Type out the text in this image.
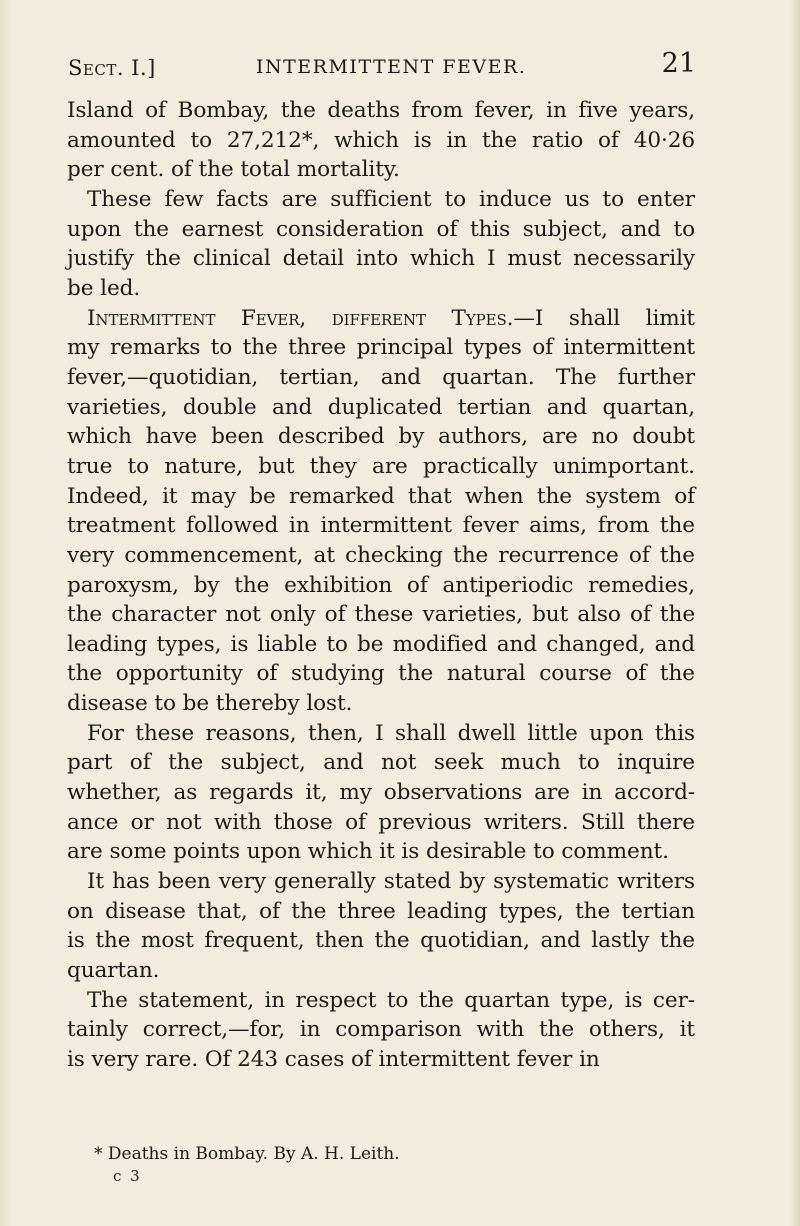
Sect. I.]	INTERMITTENT FEVER.	21

Island of Bombay, the deaths from fever, in five years,
amounted to 27,212*, which is in the ratio of 40·26
per cent. of the total mortality.

These few facts are sufficient to induce us to enter
upon the earnest consideration of this subject, and to
justify the clinical detail into which I must necessarily
be led.

Intermittent Fever, different Types.—I shall limit
my remarks to the three principal types of intermittent
fever,—quotidian, tertian, and quartan. The further
varieties, double and duplicated tertian and quartan,
which have been described by authors, are no doubt
true to nature, but they are practically unimportant.
Indeed, it may be remarked that when the system of
treatment followed in intermittent fever aims, from the
very commencement, at checking the recurrence of the
paroxysm, by the exhibition of antiperiodic remedies,
the character not only of these varieties, but also of the
leading types, is liable to be modified and changed, and
the opportunity of studying the natural course of the
disease to be thereby lost.

For these reasons, then, I shall dwell little upon this
part of the subject, and not seek much to inquire
whether, as regards it, my observations are in accord-
ance or not with those of previous writers. Still there
are some points upon which it is desirable to comment.

It has been very generally stated by systematic writers
on disease that, of the three leading types, the tertian
is the most frequent, then the quotidian, and lastly the
quartan.

The statement, in respect to the quartan type, is cer-
tainly correct,—for, in comparison with the others, it
is very rare. Of 243 cases of intermittent fever in

* Deaths in Bombay. By A. H. Leith.
c 3
